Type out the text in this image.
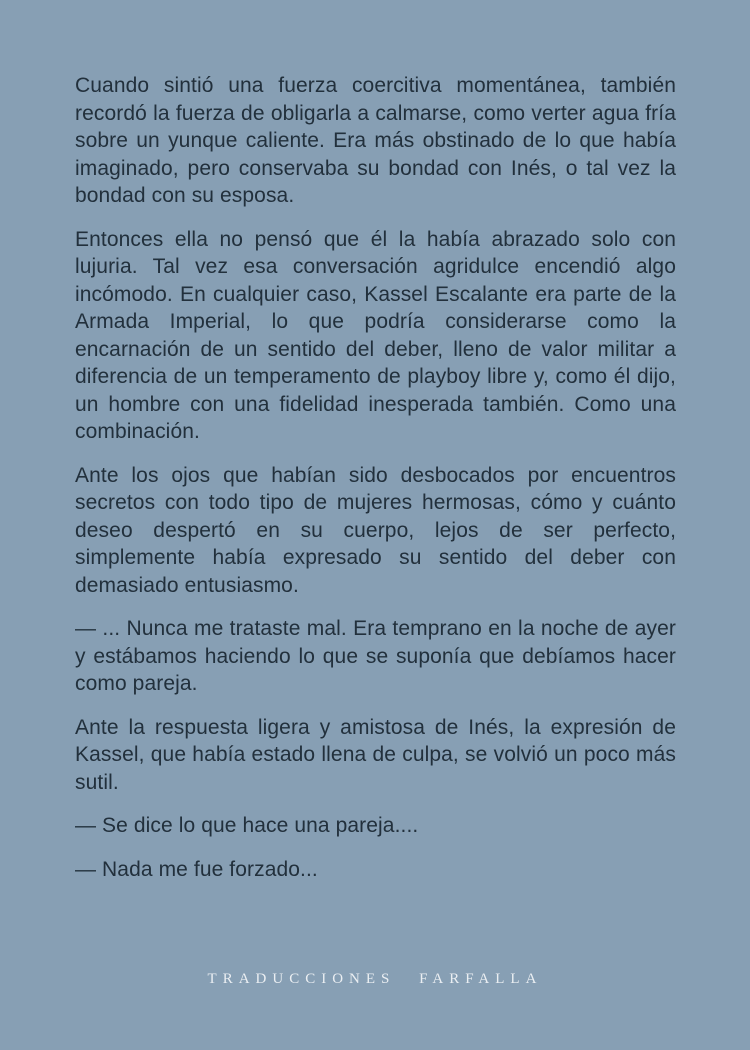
Cuando sintió una fuerza coercitiva momentánea, también recordó la fuerza de obligarla a calmarse, como verter agua fría sobre un yunque caliente. Era más obstinado de lo que había imaginado, pero conservaba su bondad con Inés, o tal vez la bondad con su esposa.

Entonces ella no pensó que él la había abrazado solo con lujuria. Tal vez esa conversación agridulce encendió algo incómodo. En cualquier caso, Kassel Escalante era parte de la Armada Imperial, lo que podría considerarse como la encarnación de un sentido del deber, lleno de valor militar a diferencia de un temperamento de playboy libre y, como él dijo, un hombre con una fidelidad inesperada también. Como una combinación.

Ante los ojos que habían sido desbocados por encuentros secretos con todo tipo de mujeres hermosas, cómo y cuánto deseo despertó en su cuerpo, lejos de ser perfecto, simplemente había expresado su sentido del deber con demasiado entusiasmo.

— ... Nunca me trataste mal. Era temprano en la noche de ayer y estábamos haciendo lo que se suponía que debíamos hacer como pareja.

Ante la respuesta ligera y amistosa de Inés, la expresión de Kassel, que había estado llena de culpa, se volvió un poco más sutil.

— Se dice lo que hace una pareja....

— Nada me fue forzado...

TRADUCCIONES FARFALLA
